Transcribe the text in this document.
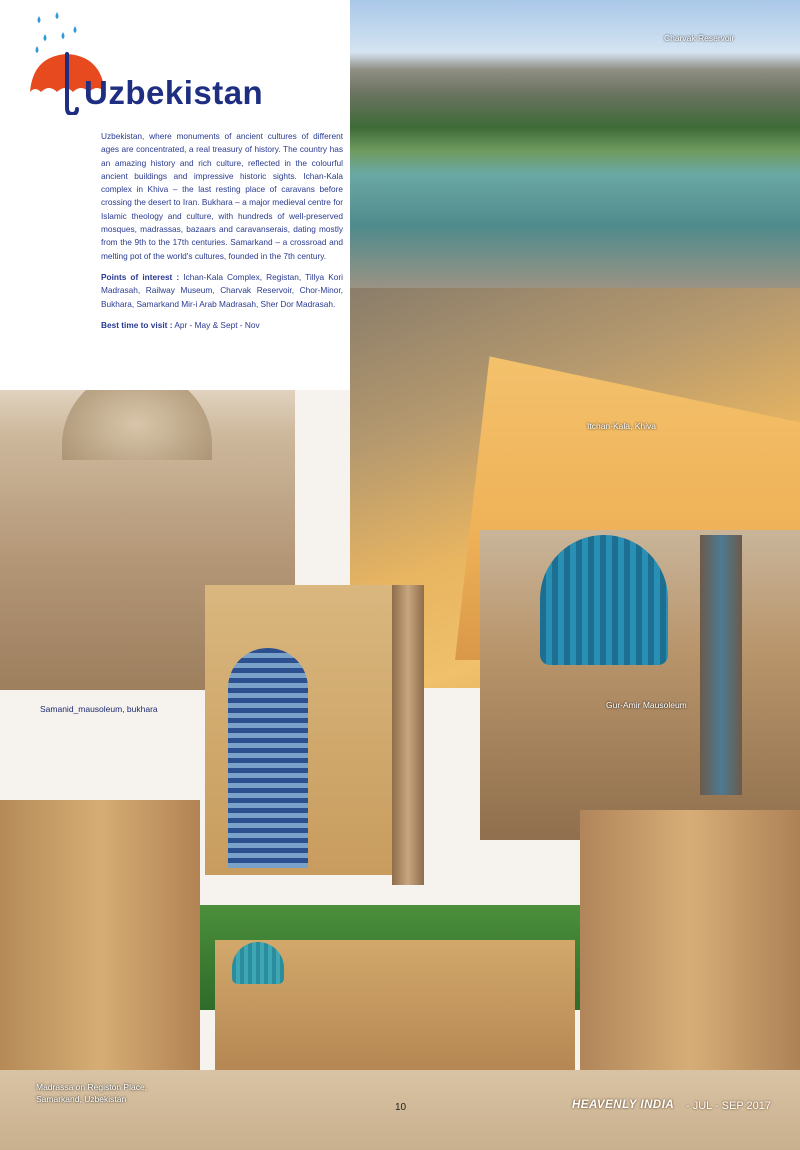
Uzbekistan

Uzbekistan, where monuments of ancient cultures of different ages are concentrated, a real treasury of history. The country has an amazing history and rich culture, reflected in the colourful ancient buildings and impressive historic sights. Ichan-Kala complex in Khiva – the last resting place of caravans before crossing the desert to Iran. Bukhara – a major medieval centre for Islamic theology and culture, with hundreds of well-preserved mosques, madrassas, bazaars and caravanserais, dating mostly from the 9th to the 17th centuries. Samarkand – a crossroad and melting pot of the world's cultures, founded in the 7th century.

Points of interest : Ichan-Kala Complex, Registan, Tillya Kori Madrasah, Railway Museum, Charvak Reservoir, Chor-Minor, Bukhara, Samarkand Mir-i Arab Madrasah, Sher Dor Madrasah.

Best time to visit : Apr - May & Sept - Nov

Charvak Reservoir
Itchan-Kala, Khiva
Samanid_mausoleum, bukhara	Gur-Amir Mausoleum
Madrassa on Registon Place,
Samarkand, Uzbekistan
10	HEAVENLY INDIA - JUL - SEP 2017
